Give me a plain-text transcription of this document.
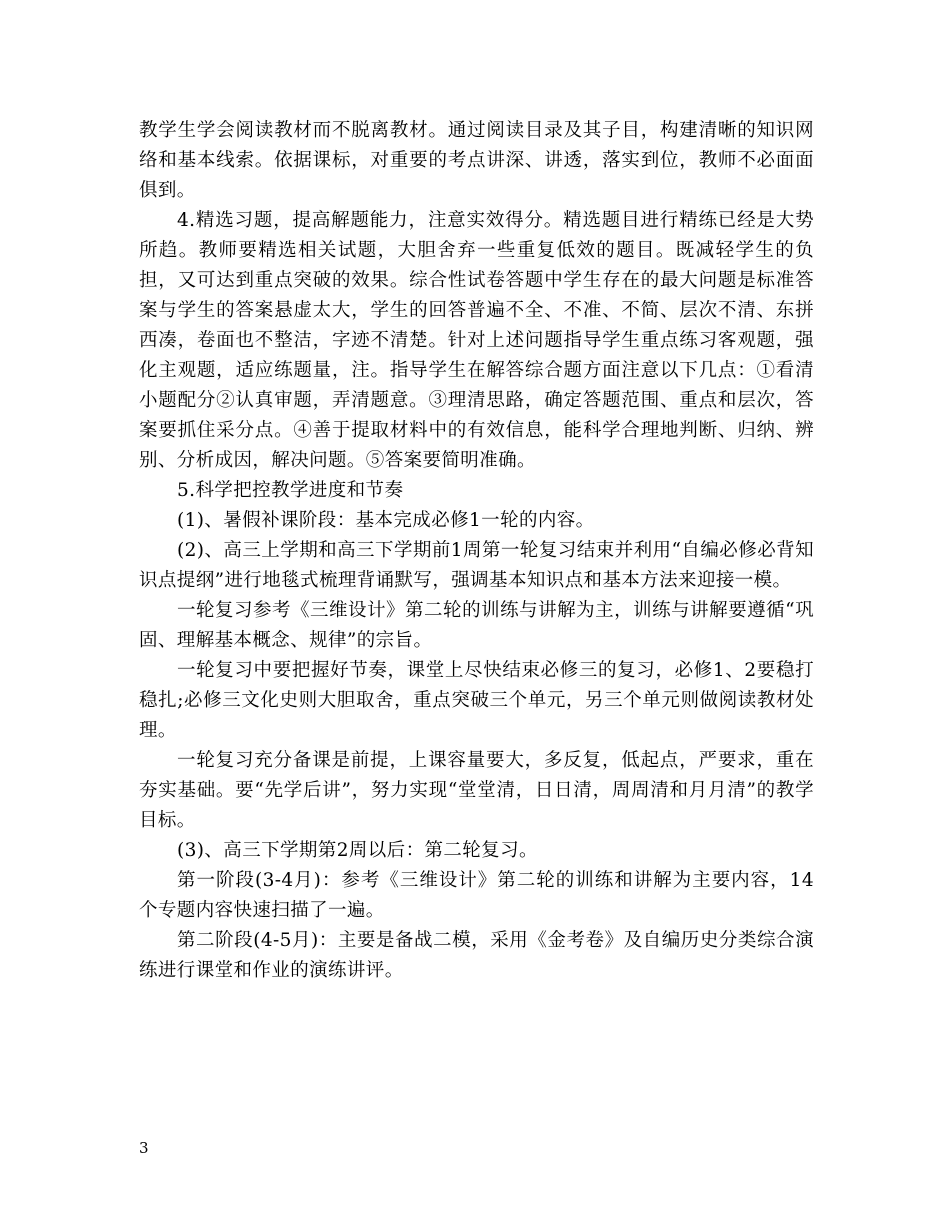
教学生学会阅读教材而不脱离教材。通过阅读目录及其子目，构建清晰的知识网络和基本线索。依据课标，对重要的考点讲深、讲透，落实到位，教师不必面面俱到。

4.精选习题，提高解题能力，注意实效得分。精选题目进行精练已经是大势所趋。教师要精选相关试题，大胆舍弃一些重复低效的题目。既减轻学生的负担，又可达到重点突破的效果。综合性试卷答题中学生存在的最大问题是标准答案与学生的答案悬虚太大，学生的回答普遍不全、不准、不简、层次不清、东拼西凑，卷面也不整洁，字迹不清楚。针对上述问题指导学生重点练习客观题，强化主观题，适应练题量，注。指导学生在解答综合题方面注意以下几点：①看清小题配分②认真审题，弄清题意。③理清思路，确定答题范围、重点和层次，答案要抓住采分点。④善于提取材料中的有效信息，能科学合理地判断、归纳、辨别、分析成因，解决问题。⑤答案要简明准确。

5.科学把控教学进度和节奏

(1)、暑假补课阶段：基本完成必修1一轮的内容。

(2)、高三上学期和高三下学期前1周第一轮复习结束并利用“自编必修必背知识点提纲”进行地毯式梳理背诵默写，强调基本知识点和基本方法来迎接一模。

一轮复习参考《三维设计》第二轮的训练与讲解为主，训练与讲解要遵循“巩固、理解基本概念、规律”的宗旨。

一轮复习中要把握好节奏，课堂上尽快结束必修三的复习，必修1、2要稳打稳扎;必修三文化史则大胆取舍，重点突破三个单元，另三个单元则做阅读教材处理。

一轮复习充分备课是前提，上课容量要大，多反复，低起点，严要求，重在夯实基础。要“先学后讲”，努力实现“堂堂清，日日清，周周清和月月清”的教学目标。

(3)、高三下学期第2周以后：第二轮复习。

第一阶段(3-4月)：参考《三维设计》第二轮的训练和讲解为主要内容，14个专题内容快速扫描了一遍。

第二阶段(4-5月)：主要是备战二模，采用《金考卷》及自编历史分类综合演练进行课堂和作业的演练讲评。

3
